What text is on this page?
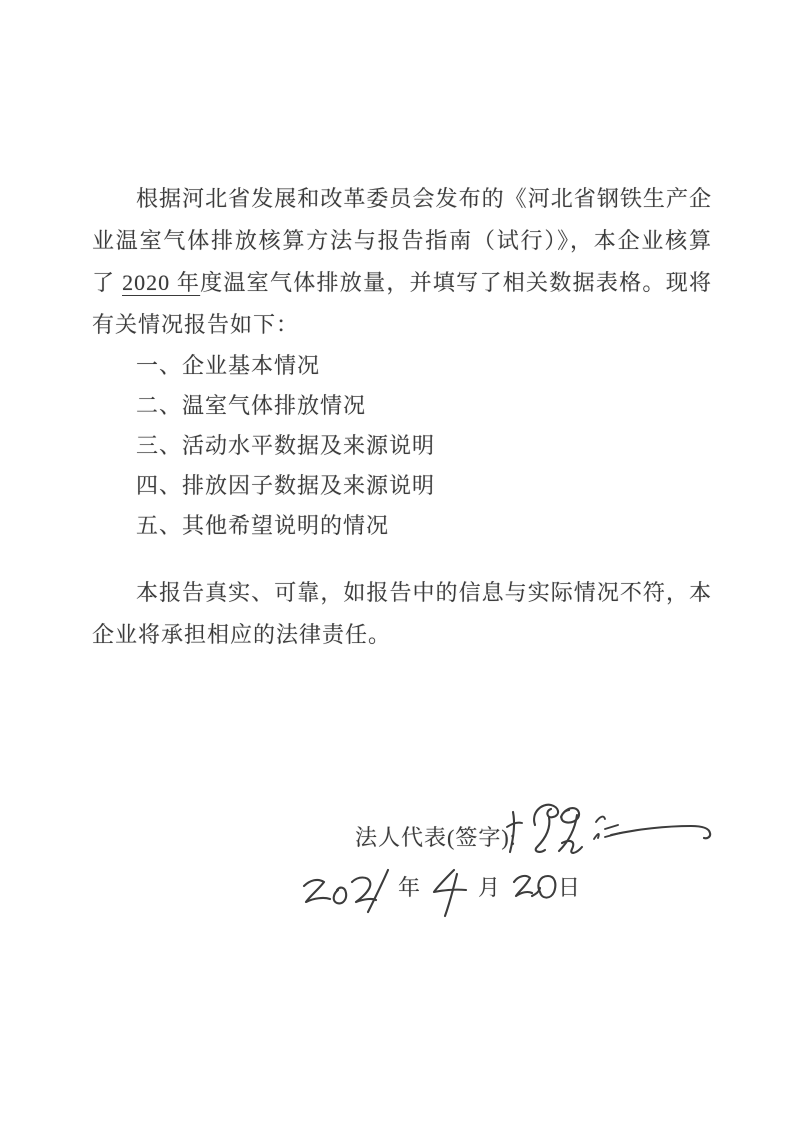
根据河北省发展和改革委员会发布的《河北省钢铁生产企业温室气体排放核算方法与报告指南（试行）》，本企业核算了 2020 年度温室气体排放量，并填写了相关数据表格。现将有关情况报告如下：

一、企业基本情况
二、温室气体排放情况
三、活动水平数据及来源说明
四、排放因子数据及来源说明
五、其他希望说明的情况

本报告真实、可靠，如报告中的信息与实际情况不符，本企业将承担相应的法律责任。

法人代表(签字):
年	月	日
